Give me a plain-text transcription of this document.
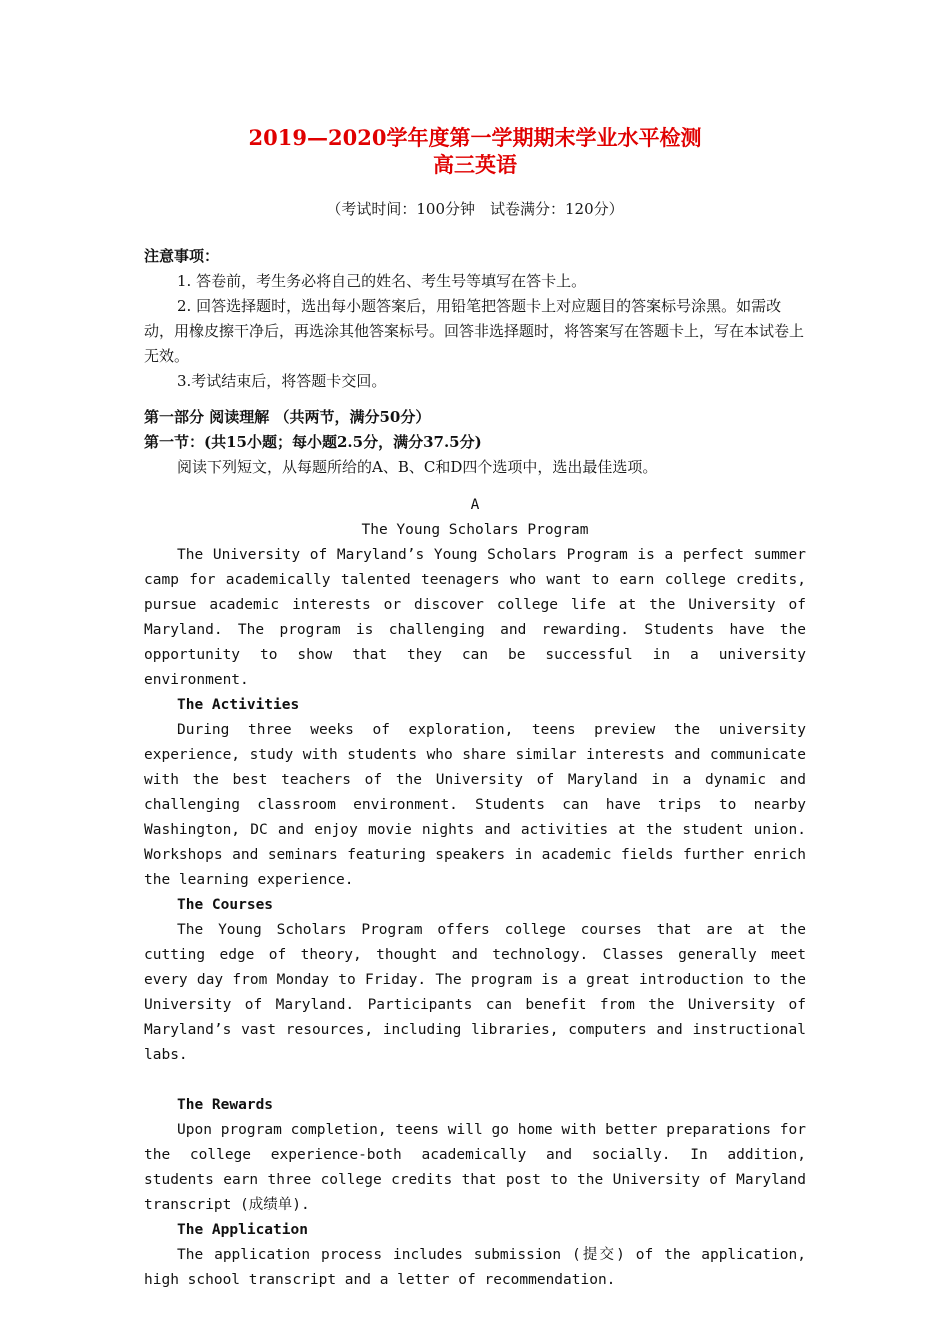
2019—2020学年度第一学期期末学业水平检测
高三英语
（考试时间：100分钟　试卷满分：120分）

注意事项：

1. 答卷前，考生务必将自己的姓名、考生号等填写在答卡上。

2. 回答选择题时，选出每小题答案后，用铅笔把答题卡上对应题目的答案标号涂黑。如需改动，用橡皮擦干净后，再选涂其他答案标号。回答非选择题时，将答案写在答题卡上，写在本试卷上无效。

3.考试结束后，将答题卡交回。

第一部分 阅读理解 （共两节，满分50分）

第一节：(共15小题；每小题2.5分，满分37.5分)

阅读下列短文，从每题所给的A、B、C和D四个选项中，选出最佳选项。

A

The Young Scholars Program

The University of Maryland’s Young Scholars Program is a perfect summer camp for academically talented teenagers who want to earn college credits, pursue academic interests or discover college life at the University of Maryland. The program is challenging and rewarding. Students have the opportunity to show that they can be successful in a university environment.

The Activities

During three weeks of exploration, teens preview the university experience, study with students who share similar interests and communicate with the best teachers of the University of Maryland in a dynamic and challenging classroom environment. Students can have trips to nearby Washington, DC and enjoy movie nights and activities at the student union. Workshops and seminars featuring speakers in academic fields further enrich the learning experience.

The Courses

The Young Scholars Program offers college courses that are at the cutting edge of theory, thought and technology. Classes generally meet every day from Monday to Friday. The program is a great introduction to the University of Maryland. Participants can benefit from the University of Maryland’s vast resources, including libraries, computers and instructional labs.

The Rewards

Upon program completion, teens will go home with better preparations for the college experience-both academically and socially. In addition, students earn three college credits that post to the University of Maryland transcript (成绩单).

The Application

The application process includes submission (提交) of the application, high school transcript and a letter of recommendation.
